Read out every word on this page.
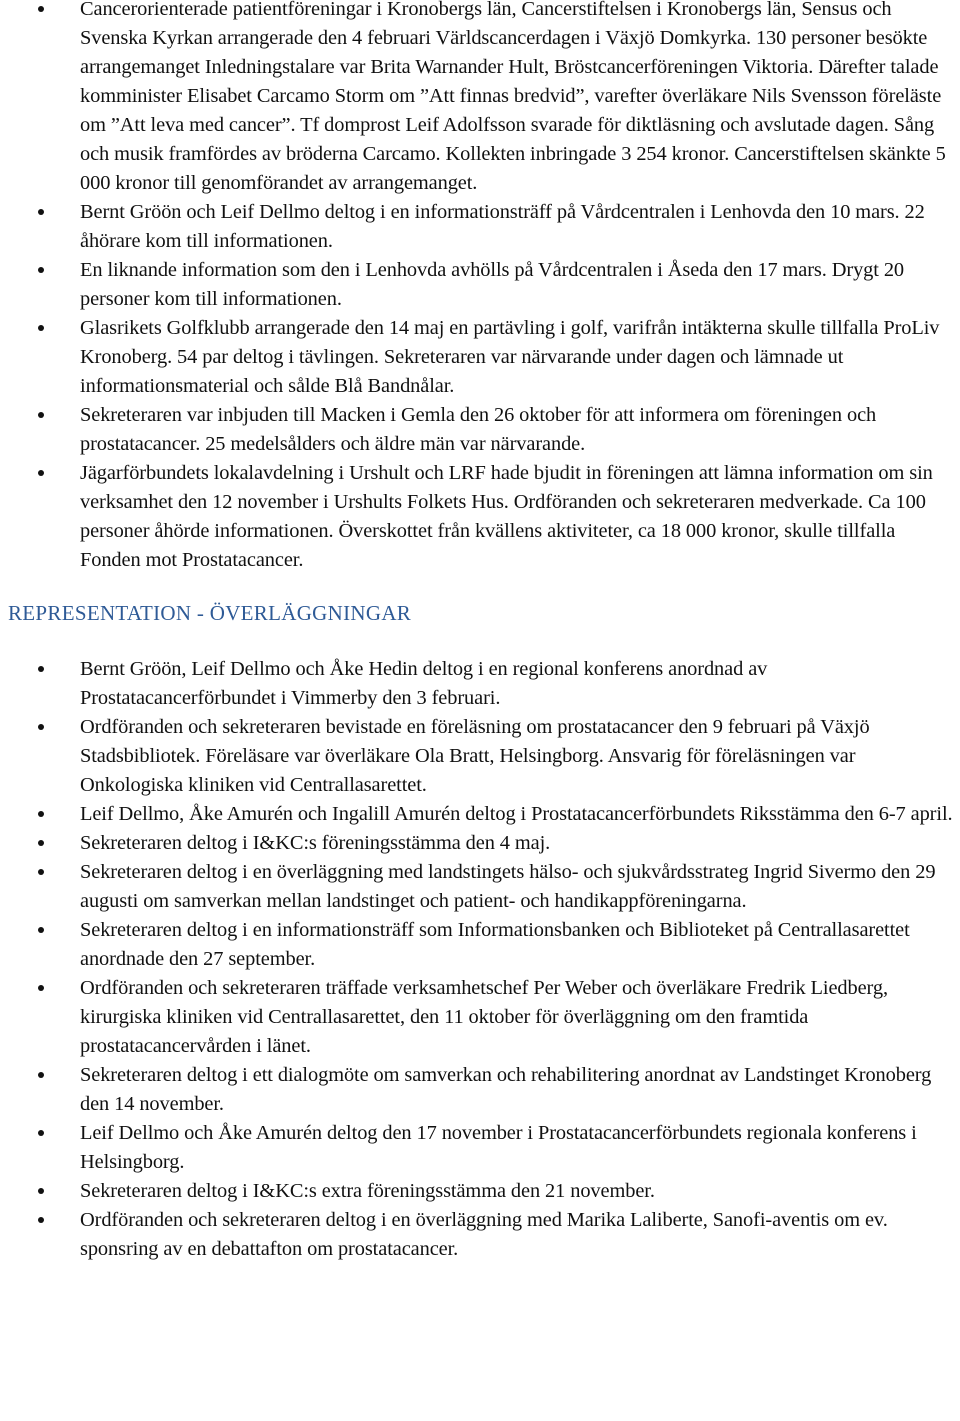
Cancerorienterade patientföreningar i Kronobergs län, Cancerstiftelsen i Kronobergs län, Sensus och Svenska Kyrkan arrangerade den 4 februari Världscancerdagen i Växjö Domkyrka. 130 personer besökte arrangemanget Inledningstalare var Brita Warnander Hult, Bröstcancerföreningen Viktoria. Därefter talade komminister Elisabet Carcamo Storm om ”Att finnas bredvid”, varefter överläkare Nils Svensson föreläste om ”Att leva med cancer”. Tf domprost Leif Adolfsson svarade för diktläsning och avslutade dagen. Sång och musik framfördes av bröderna Carcamo. Kollekten inbringade 3 254 kronor. Cancerstiftelsen skänkte 5 000 kronor till genomförandet av arrangemanget.
Bernt Gröön och Leif Dellmo deltog i en informationsträff på Vårdcentralen i Lenhovda den 10 mars. 22 åhörare kom till informationen.
En liknande information som den i Lenhovda avhölls på Vårdcentralen i Åseda den 17 mars. Drygt 20 personer kom till informationen.
Glasrikets Golfklubb arrangerade den 14 maj en partävling i golf, varifrån intäkterna skulle tillfalla ProLiv Kronoberg. 54 par deltog i tävlingen. Sekreteraren var närvarande under dagen och lämnade ut informationsmaterial och sålde Blå Bandnålar.
Sekreteraren var inbjuden till Macken i Gemla den 26 oktober för att informera om föreningen och prostatacancer. 25 medelsålders och äldre män var närvarande.
Jägarförbundets lokalavdelning i Urshult och LRF hade bjudit in föreningen att lämna information om sin verksamhet den 12 november i Urshults Folkets Hus. Ordföranden och sekreteraren medverkade. Ca 100 personer åhörde informationen. Överskottet från kvällens aktiviteter, ca 18 000 kronor, skulle tillfalla Fonden mot Prostatacancer.
REPRESENTATION - ÖVERLÄGGNINGAR
Bernt Gröön, Leif Dellmo och Åke Hedin deltog i en regional konferens anordnad av Prostatacancerförbundet i Vimmerby den 3 februari.
Ordföranden och sekreteraren bevistade en föreläsning om prostatacancer den 9 februari på Växjö Stadsbibliotek. Föreläsare var överläkare Ola Bratt, Helsingborg. Ansvarig för föreläsningen var Onkologiska kliniken vid Centrallasarettet.
Leif Dellmo, Åke Amurén och Ingalill Amurén deltog i Prostatacancerförbundets Riksstämma den 6-7 april.
Sekreteraren deltog i I&KC:s föreningsstämma den 4 maj.
Sekreteraren deltog i en överläggning med landstingets hälso- och sjukvårdsstrateg Ingrid Sivermo den 29 augusti om samverkan mellan landstinget och patient- och handikappföreningarna.
Sekreteraren deltog i en informationsträff som Informationsbanken och Biblioteket på Centrallasarettet anordnade den 27 september.
Ordföranden och sekreteraren träffade verksamhetschef Per Weber och överläkare Fredrik Liedberg, kirurgiska kliniken vid Centrallasarettet, den 11 oktober för överläggning om den framtida prostatacancervården i länet.
Sekreteraren deltog i ett dialogmöte om samverkan och rehabilitering anordnat av Landstinget Kronoberg den 14 november.
Leif Dellmo och Åke Amurén deltog den 17 november i Prostatacancerförbundets regionala konferens i Helsingborg.
Sekreteraren deltog i I&KC:s extra föreningsstämma den 21 november.
Ordföranden och sekreteraren deltog i en överläggning med Marika Laliberte, Sanofi-aventis om ev. sponsring av en debattafton om prostatacancer.
